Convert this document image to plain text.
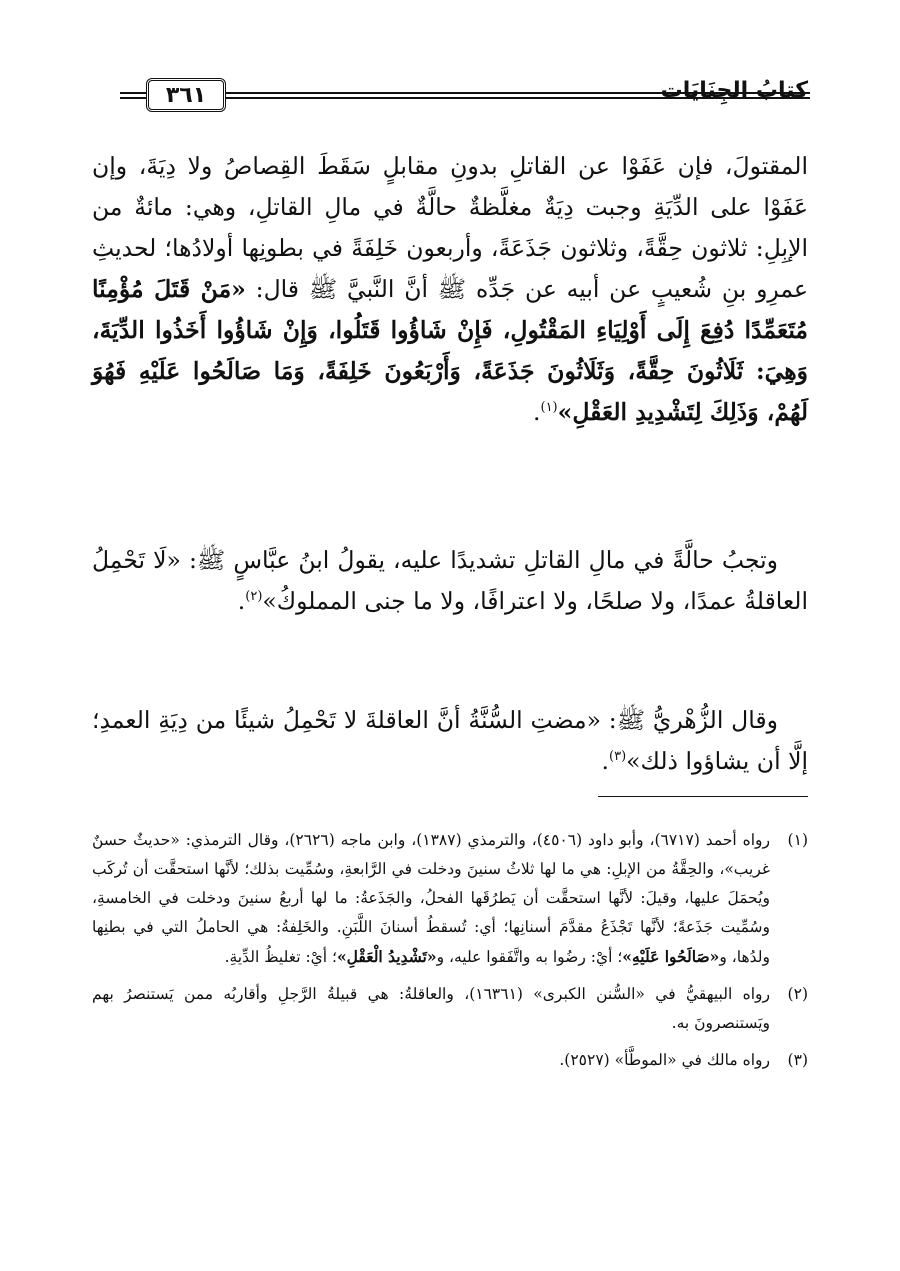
كتابُ الجِنَايَات
٣٦١
المقتولَ، فإن عَفَوْا عن القاتلِ بدونِ مقابلٍ سَقَطَ القِصاصُ ولا دِيَةَ، وإن عَفَوْا على الدِّيَةِ وجبت دِيَةٌ مغلَّظةٌ حالَّةٌ في مالِ القاتلِ، وهي: مائةٌ من الإبِلِ: ثلاثون حِقَّةً، وثلاثون جَذَعَةً، وأربعون خَلِفَةً في بطونِها أولادُها؛ لحديثِ عمرِو بنِ شُعيبٍ عن أبيه عن جَدِّه ﷺ أنَّ النَّبيَّ ﷺ قال: «مَنْ قَتَلَ مُؤْمِنًا مُتَعَمِّدًا دُفِعَ إِلَى أَوْلِيَاءِ المَقْتُولِ، فَإِنْ شَاؤُوا قَتَلُوا، وَإِنْ شَاؤُوا أَخَذُوا الدِّيَةَ، وَهِيَ: ثَلَاثُونَ حِقَّةً، وَثَلَاثُونَ جَذَعَةً، وَأَرْبَعُونَ خَلِفَةً، وَمَا صَالَحُوا عَلَيْهِ فَهُوَ لَهُمْ، وَذَلِكَ لِتَشْدِيدِ العَقْلِ»$^{(١)}$.
وتجبُ حالَّةً في مالِ القاتلِ تشديدًا عليه، يقولُ ابنُ عبَّاسٍ ﷺ: «لَا تَحْمِلُ العاقلةُ عمدًا، ولا صلحًا، ولا اعترافًا، ولا ما جنى المملوكُ»$^{(٢)}$.
وقال الزُّهْريُّ ﷺ: «مضتِ السُّنَّةُ أنَّ العاقلةَ لا تَحْمِلُ شيئًا من دِيَةِ العمدِ؛ إلَّا أن يشاؤوا ذلك»$^{(٣)}$.
(١)
رواه أحمد (٦٧١٧)، وأبو داود (٤٥٠٦)، والترمذي (١٣٨٧)، وابن ماجه (٢٦٢٦)، وقال الترمذي: «حديثٌ حسنٌ غريب»، والحِقَّةُ من الإبلِ: هي ما لها ثلاثُ سنينَ ودخلت في الرَّابعةِ، وسُمِّيت بذلك؛ لأنَّها استحقَّت أن تُركَب ويُحمَلَ عليها، وقيلَ: لأنَّها استحقَّت أن يَطرُقَها الفحلُ، والجَذَعةُ: ما لها أربعُ سنينَ ودخلت في الخامسةِ، وسُمِّيت جَذَعةً؛ لأنَّها تَجْذَعُ مقدَّمَ أسنانِها؛ أي: تُسقطُ أسنانَ اللَّبَنِ. والخَلِفةُ: هي الحاملُ التي في بطنِها ولدُها، و«صَالَحُوا عَلَيْهِ»؛ أيْ: رضُوا به واتَّفَقوا عليه، و«تَشْدِيدُ الْعَقْلِ»؛ أيْ: تغليظُ الدِّيةِ.
(٢)
رواه البيهقيُّ في «السُّنن الكبرى» (١٦٣٦١)، والعاقلةُ: هي قبيلةُ الرَّجلِ وأقاربُه ممن يَستنصرُ بهم ويَستنصرونَ به.
(٣)
رواه مالك في «الموطَّأ» (٢٥٢٧).
